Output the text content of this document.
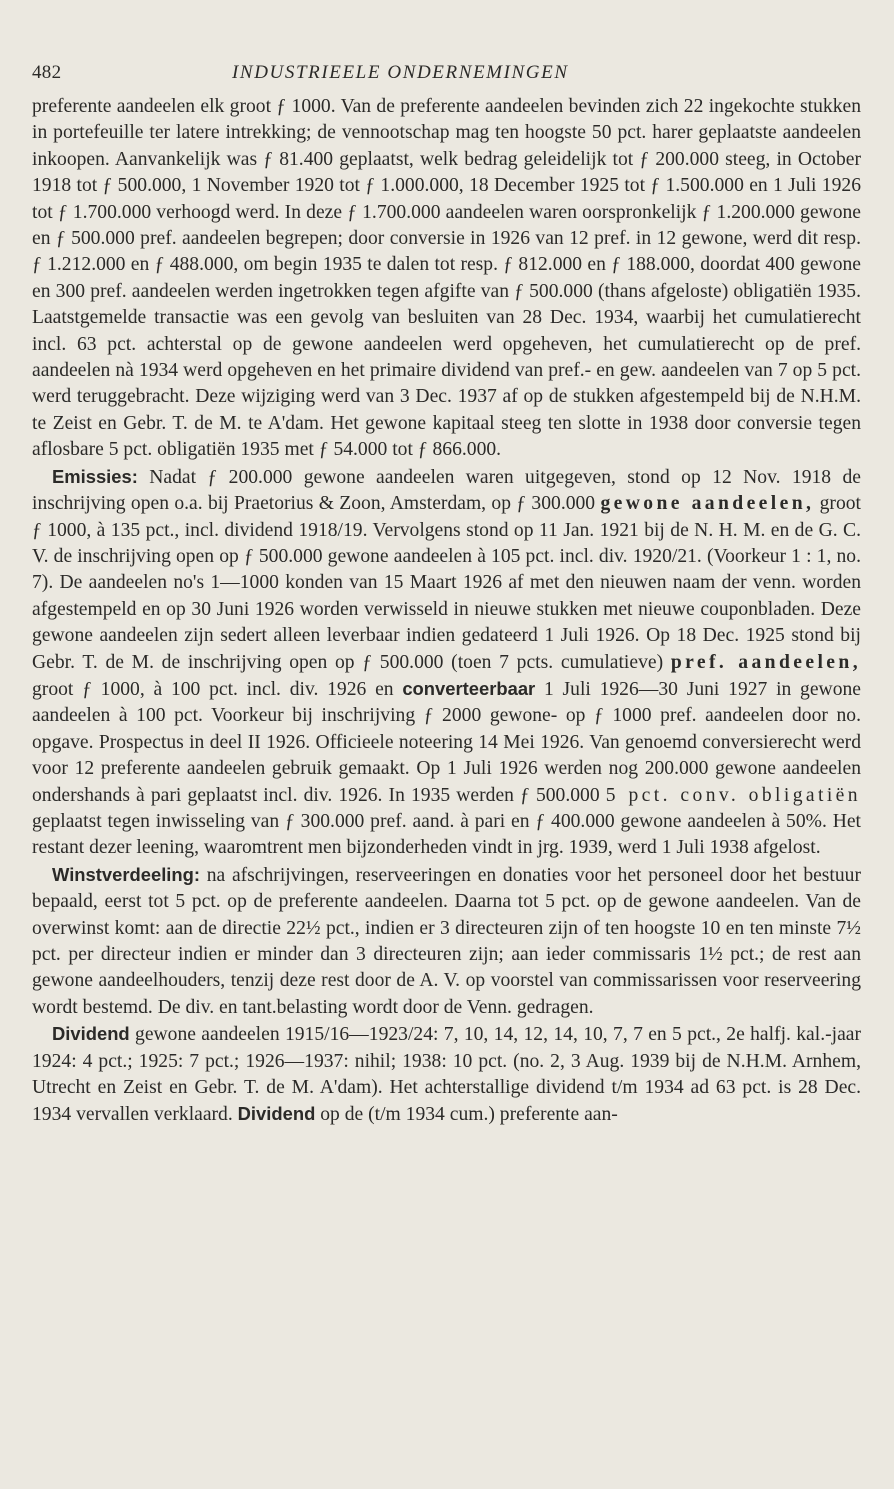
482	INDUSTRIEELE ONDERNEMINGEN

preferente aandeelen elk groot ƒ 1000. Van de preferente aandeelen bevinden zich 22 ingekochte stukken in portefeuille ter latere intrekking; de vennootschap mag ten hoogste 50 pct. harer geplaatste aandeelen inkoopen. Aanvankelijk was ƒ 81.400 geplaatst, welk bedrag geleidelijk tot ƒ 200.000 steeg, in October 1918 tot ƒ 500.000, 1 November 1920 tot ƒ 1.000.000, 18 December 1925 tot ƒ 1.500.000 en 1 Juli 1926 tot ƒ 1.700.000 verhoogd werd. In deze ƒ 1.700.000 aandeelen waren oorspronkelijk ƒ 1.200.000 gewone en ƒ 500.000 pref. aandeelen begrepen; door conversie in 1926 van 12 pref. in 12 gewone, werd dit resp. ƒ 1.212.000 en ƒ 488.000, om begin 1935 te dalen tot resp. ƒ 812.000 en ƒ 188.000, doordat 400 gewone en 300 pref. aandeelen werden ingetrokken tegen afgifte van ƒ 500.000 (thans afgeloste) obligatiën 1935. Laatstgemelde transactie was een gevolg van besluiten van 28 Dec. 1934, waarbij het cumulatierecht incl. 63 pct. achterstal op de gewone aandeelen werd opgeheven, het cumulatierecht op de pref. aandeelen nà 1934 werd opgeheven en het primaire dividend van pref.- en gew. aandeelen van 7 op 5 pct. werd teruggebracht. Deze wijziging werd van 3 Dec. 1937 af op de stukken afgestempeld bij de N.H.M. te Zeist en Gebr. T. de M. te A'dam. Het gewone kapitaal steeg ten slotte in 1938 door conversie tegen aflosbare 5 pct. obligatiën 1935 met ƒ 54.000 tot ƒ 866.000.

Emissies: Nadat ƒ 200.000 gewone aandeelen waren uitgegeven, stond op 12 Nov. 1918 de inschrijving open o.a. bij Praetorius & Zoon, Amsterdam, op ƒ 300.000 gewone aandeelen, groot ƒ 1000, à 135 pct., incl. dividend 1918/19. Vervolgens stond op 11 Jan. 1921 bij de N. H. M. en de G. C. V. de inschrijving open op ƒ 500.000 gewone aandeelen à 105 pct. incl. div. 1920/21. (Voorkeur 1 : 1, no. 7). De aandeelen no's 1—1000 konden van 15 Maart 1926 af met den nieuwen naam der venn. worden afgestempeld en op 30 Juni 1926 worden verwisseld in nieuwe stukken met nieuwe couponbladen. Deze gewone aandeelen zijn sedert alleen leverbaar indien gedateerd 1 Juli 1926. Op 18 Dec. 1925 stond bij Gebr. T. de M. de inschrijving open op ƒ 500.000 (toen 7 pcts. cumulatieve) pref. aandeelen, groot ƒ 1000, à 100 pct. incl. div. 1926 en converteerbaar 1 Juli 1926—30 Juni 1927 in gewone aandeelen à 100 pct. Voorkeur bij inschrijving ƒ 2000 gewone- op ƒ 1000 pref. aandeelen door no. opgave. Prospectus in deel II 1926. Officieele noteering 14 Mei 1926. Van genoemd conversierecht werd voor 12 preferente aandeelen gebruik gemaakt. Op 1 Juli 1926 werden nog 200.000 gewone aandeelen ondershands à pari geplaatst incl. div. 1926. In 1935 werden ƒ 500.000 5 pct. conv. obligatiën geplaatst tegen inwisseling van ƒ 300.000 pref. aand. à pari en ƒ 400.000 gewone aandeelen à 50%. Het restant dezer leening, waaromtrent men bijzonderheden vindt in jrg. 1939, werd 1 Juli 1938 afgelost.

Winstverdeeling: na afschrijvingen, reserveeringen en donaties voor het personeel door het bestuur bepaald, eerst tot 5 pct. op de preferente aandeelen. Daarna tot 5 pct. op de gewone aandeelen. Van de overwinst komt: aan de directie 22½ pct., indien er 3 directeuren zijn of ten hoogste 10 en ten minste 7½ pct. per directeur indien er minder dan 3 directeuren zijn; aan ieder commissaris 1½ pct.; de rest aan gewone aandeelhouders, tenzij deze rest door de A. V. op voorstel van commissarissen voor reserveering wordt bestemd. De div. en tant.belasting wordt door de Venn. gedragen.

Dividend gewone aandeelen 1915/16—1923/24: 7, 10, 14, 12, 14, 10, 7, 7 en 5 pct., 2e halfj. kal.-jaar 1924: 4 pct.; 1925: 7 pct.; 1926—1937: nihil; 1938: 10 pct. (no. 2, 3 Aug. 1939 bij de N.H.M. Arnhem, Utrecht en Zeist en Gebr. T. de M. A'dam). Het achterstallige dividend t/m 1934 ad 63 pct. is 28 Dec. 1934 vervallen verklaard. Dividend op de (t/m 1934 cum.) preferente aan-
